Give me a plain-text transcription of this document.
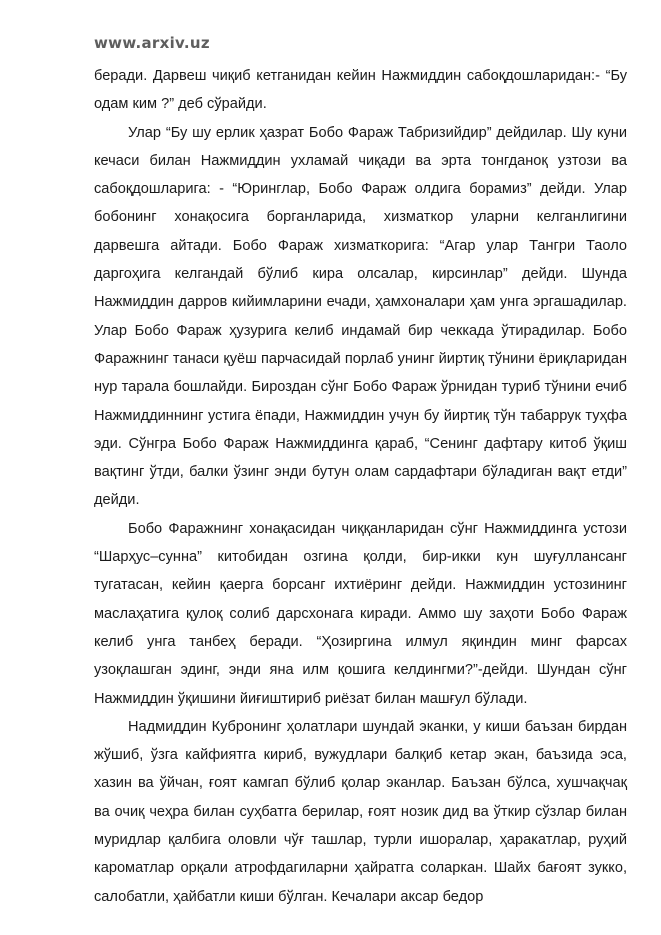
www.arxiv.uz

беради. Дарвеш чиқиб кетганидан кейин Нажмиддин сабоқдошларидан:- “Бу одам ким ?” деб сўрайди.

Улар “Бу шу ерлик ҳазрат Бобо Фараж Табризийдир” дейдилар. Шу куни кечаси билан Нажмиддин ухламай чиқади ва эрта тонгданоқ узтози ва сабоқдошларига: - “Юринглар, Бобо Фараж олдига борамиз” дейди. Улар бобонинг хонақосига борганларида, хизматкор уларни келганлигини дарвешга айтади. Бобо Фараж хизматкорига: “Агар улар Тангри Таоло даргоҳига келгандай бўлиб кира олсалар, кирсинлар” дейди. Шунда Нажмиддин дарров кийимларини ечади, ҳамхоналари ҳам унга эргашадилар. Улар Бобо Фараж ҳузурига келиб индамай бир чеккада ўтирадилар. Бобо Фаражнинг танаси қуёш парчасидай порлаб унинг йиртиқ тўнини ёриқларидан нур тарала бошлайди. Бироздан сўнг Бобо Фараж ўрнидан туриб тўнини ечиб Нажмиддиннинг устига ёпади, Нажмиддин учун бу йиртиқ тўн табаррук туҳфа эди. Сўнгра Бобо Фараж Нажмиддинга қараб, “Сенинг дафтару китоб ўқиш вақтинг ўтди, балки ўзинг энди бутун олам сардафтари бўладиган вақт етди” дейди.

Бобо Фаражнинг хонақасидан чиққанларидан сўнг Нажмиддинга устози “Шарҳус–сунна” китобидан озгина қолди, бир-икки кун шуғуллансанг тугатасан, кейин қаерга борсанг ихтиёринг дейди. Нажмиддин устозининг маслаҳатига қулоқ солиб дарсхонага киради. Аммо шу заҳоти Бобо Фараж келиб унга танбеҳ беради. “Ҳозиргина илмул яқиндин минг фарсах узоқлашган эдинг, энди яна илм қошига келдингми?”-дейди. Шундан сўнг Нажмиддин ўқишини йиғиштириб риёзат билан машғул бўлади.

Надмиддин Кубронинг ҳолатлари шундай эканки, у киши баъзан бирдан жўшиб, ўзга кайфиятга кириб, вужудлари балқиб кетар экан, баъзида эса, хазин ва ўйчан, ғоят камгап бўлиб қолар эканлар. Баъзан бўлса, хушчақчақ ва очиқ чеҳра билан суҳбатга берилар, ғоят нозик дид ва ўткир сўзлар билан муридлар қалбига оловли чўғ ташлар, турли ишоралар, ҳаракатлар, руҳий кароматлар орқали атрофдагиларни ҳайратга соларкан. Шайх бағоят зукко, салобатли, ҳайбатли киши бўлган. Кечалари аксар бедор
